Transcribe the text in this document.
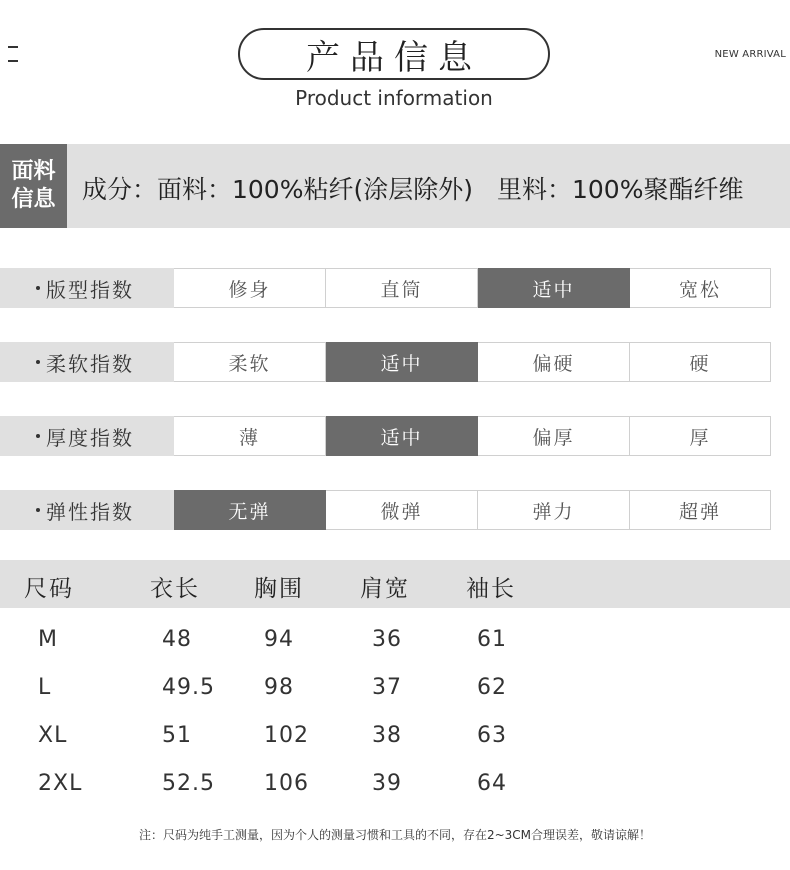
产品信息
Product information
NEW ARRIVAL
面料
信息 成分：面料：100%粘纤(涂层除外) 里料：100%聚酯纤维
版型指数	修身	直筒	适中	宽松
柔软指数	柔软	适中	偏硬	硬
厚度指数	薄	适中	偏厚	厚
弹性指数	无弹	微弹	弹力	超弹
尺码	衣长 胸围 肩宽 袖长
M	48	94	36	61
L	49.5 98	37	62
XL	51	102	38	63
2XL	52.5 106	39	64
注：尺码为纯手工测量，因为个人的测量习惯和工具的不同，存在2~3CM合理误差，敬请谅解！
